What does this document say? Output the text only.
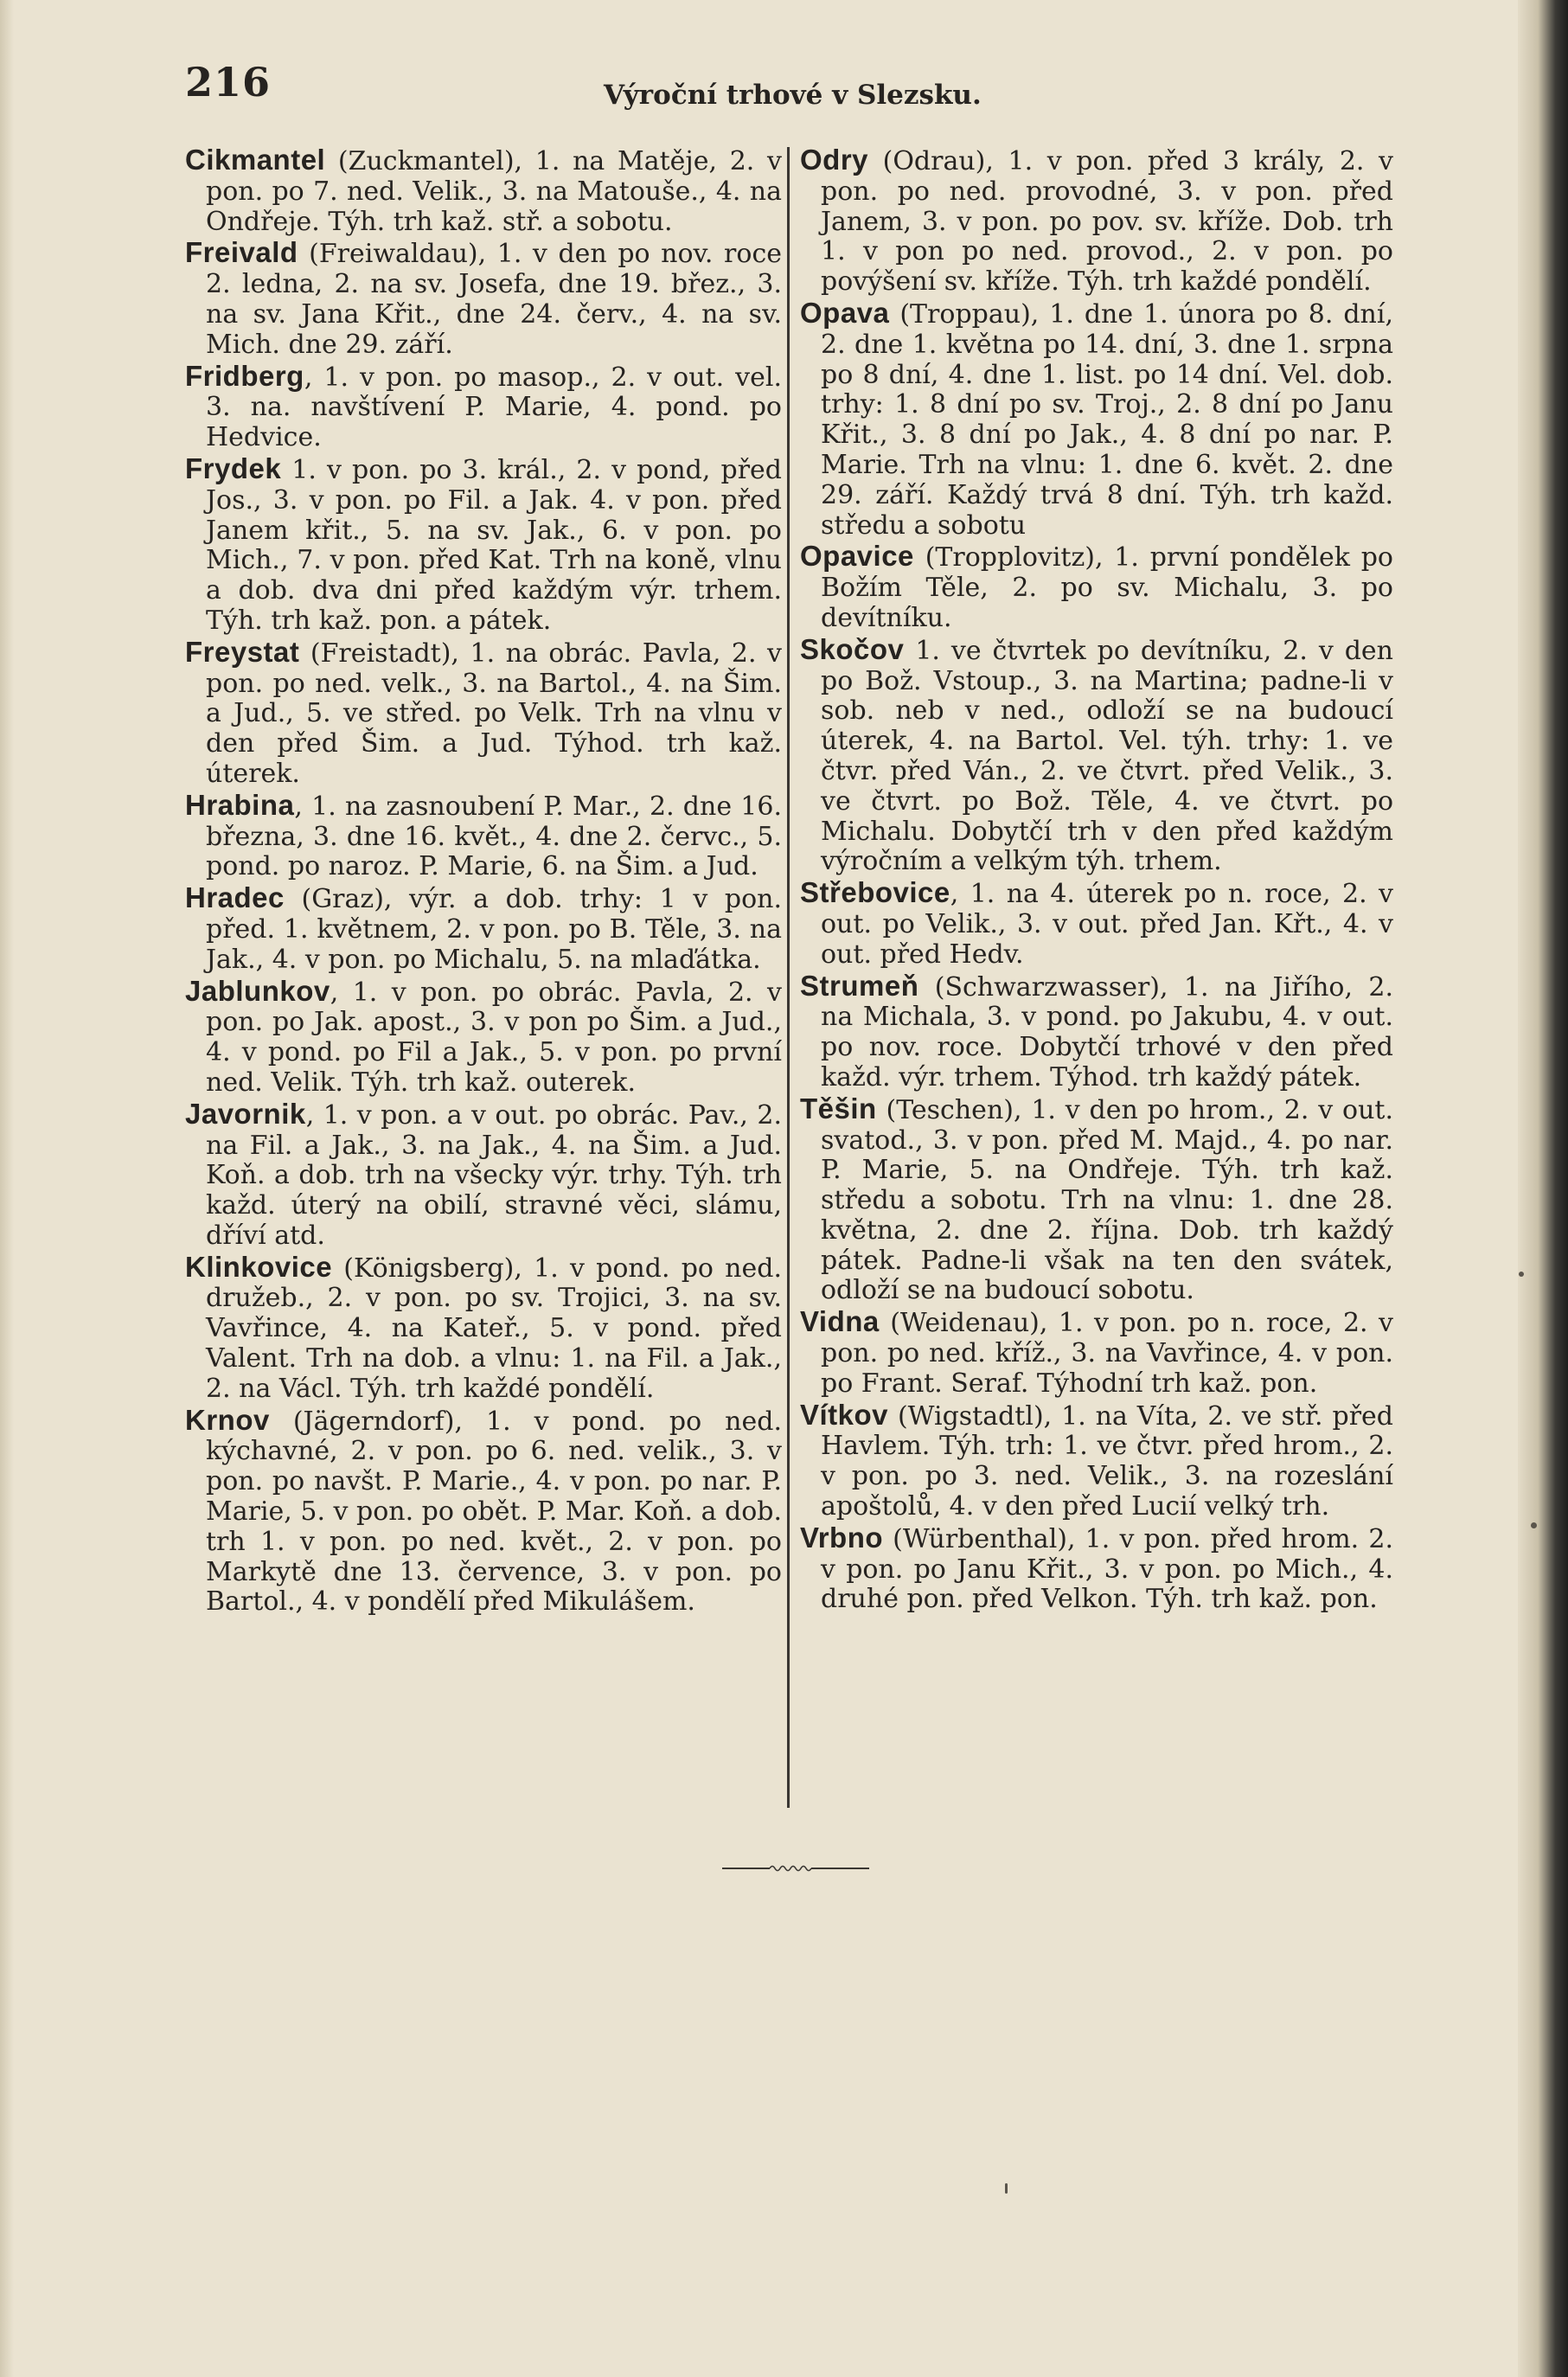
216	Výroční trhové v Slezsku.

Cikmantel (Zuckmantel), 1. na Matěje, 2. v pon. po 7. ned. Velik., 3. na Matouše., 4. na Ondřeje. Týh. trh kaž. stř. a sobotu.

Freivald (Freiwaldau), 1. v den po nov. roce 2. ledna, 2. na sv. Josefa, dne 19. břez., 3. na sv. Jana Křit., dne 24. červ., 4. na sv. Mich. dne 29. září.

Fridberg, 1. v pon. po masop., 2. v out. vel. 3. na. navštívení P. Marie, 4. pond. po Hedvice.

Frydek 1. v pon. po 3. král., 2. v pond, před Jos., 3. v pon. po Fil. a Jak. 4. v pon. před Janem křit., 5. na sv. Jak., 6. v pon. po Mich., 7. v pon. před Kat. Trh na koně, vlnu a dob. dva dni před každým výr. trhem. Týh. trh kaž. pon. a pátek.

Freystat (Freistadt), 1. na obrác. Pavla, 2. v pon. po ned. velk., 3. na Bartol., 4. na Šim. a Jud., 5. ve střed. po Velk. Trh na vlnu v den před Šim. a Jud. Týhod. trh kaž. úterek.

Hrabina, 1. na zasnoubení P. Mar., 2. dne 16. března, 3. dne 16. květ., 4. dne 2. červc., 5. pond. po naroz. P. Marie, 6. na Šim. a Jud.

Hradec (Graz), výr. a dob. trhy: 1 v pon. před. 1. květnem, 2. v pon. po B. Těle, 3. na Jak., 4. v pon. po Michalu, 5. na mlaďátka.

Jablunkov, 1. v pon. po obrác. Pavla, 2. v pon. po Jak. apost., 3. v pon po Šim. a Jud., 4. v pond. po Fil a Jak., 5. v pon. po první ned. Velik. Týh. trh kaž. outerek.

Javornik, 1. v pon. a v out. po obrác. Pav., 2. na Fil. a Jak., 3. na Jak., 4. na Šim. a Jud. Koň. a dob. trh na všecky výr. trhy. Týh. trh každ. úterý na obilí, stravné věci, slámu, dříví atd.

Klinkovice (Königsberg), 1. v pond. po ned. družeb., 2. v pon. po sv. Trojici, 3. na sv. Vavřince, 4. na Kateř., 5. v pond. před Valent. Trh na dob. a vlnu: 1. na Fil. a Jak., 2. na Václ. Týh. trh každé pondělí.

Krnov (Jägerndorf), 1. v pond. po ned. kýchavné, 2. v pon. po 6. ned. velik., 3. v pon. po navšt. P. Marie., 4. v pon. po nar. P. Marie, 5. v pon. po obět. P. Mar. Koň. a dob. trh 1. v pon. po ned. květ., 2. v pon. po Markytě dne 13. července, 3. v pon. po Bartol., 4. v pondělí před Mikulášem.

Odry (Odrau), 1. v pon. před 3 krály, 2. v pon. po ned. provodné, 3. v pon. před Janem, 3. v pon. po pov. sv. kříže. Dob. trh 1. v pon po ned. provod., 2. v pon. po povýšení sv. kříže. Týh. trh každé pondělí.

Opava (Troppau), 1. dne 1. února po 8. dní, 2. dne 1. května po 14. dní, 3. dne 1. srpna po 8 dní, 4. dne 1. list. po 14 dní. Vel. dob. trhy: 1. 8 dní po sv. Troj., 2. 8 dní po Janu Křit., 3. 8 dní po Jak., 4. 8 dní po nar. P. Marie. Trh na vlnu: 1. dne 6. květ. 2. dne 29. září. Každý trvá 8 dní. Týh. trh každ. středu a sobotu

Opavice (Tropplovitz), 1. první pondělek po Božím Těle, 2. po sv. Michalu, 3. po devítníku.

Skočov 1. ve čtvrtek po devítníku, 2. v den po Bož. Vstoup., 3. na Martina; padne-li v sob. neb v ned., odloží se na budoucí úterek, 4. na Bartol. Vel. týh. trhy: 1. ve čtvr. před Ván., 2. ve čtvrt. před Velik., 3. ve čtvrt. po Bož. Těle, 4. ve čtvrt. po Michalu. Dobytčí trh v den před každým výročním a velkým týh. trhem.

Střebovice, 1. na 4. úterek po n. roce, 2. v out. po Velik., 3. v out. před Jan. Křt., 4. v out. před Hedv.

Strumeň (Schwarzwasser), 1. na Jiřího, 2. na Michala, 3. v pond. po Jakubu, 4. v out. po nov. roce. Dobytčí trhové v den před každ. výr. trhem. Týhod. trh každý pátek.

Těšin (Teschen), 1. v den po hrom., 2. v out. svatod., 3. v pon. před M. Majd., 4. po nar. P. Marie, 5. na Ondřeje. Týh. trh kaž. středu a sobotu. Trh na vlnu: 1. dne 28. května, 2. dne 2. října. Dob. trh každý pátek. Padne-li však na ten den svátek, odloží se na budoucí sobotu.

Vidna (Weidenau), 1. v pon. po n. roce, 2. v pon. po ned. kříž., 3. na Vavřince, 4. v pon. po Frant. Seraf. Týhodní trh kaž. pon.

Vítkov (Wigstadtl), 1. na Víta, 2. ve stř. před Havlem. Týh. trh: 1. ve čtvr. před hrom., 2. v pon. po 3. ned. Velik., 3. na rozeslání apoštolů, 4. v den před Lucií velký trh.

Vrbno (Würbenthal), 1. v pon. před hrom. 2. v pon. po Janu Křit., 3. v pon. po Mich., 4. druhé pon. před Velkon. Týh. trh kaž. pon.
